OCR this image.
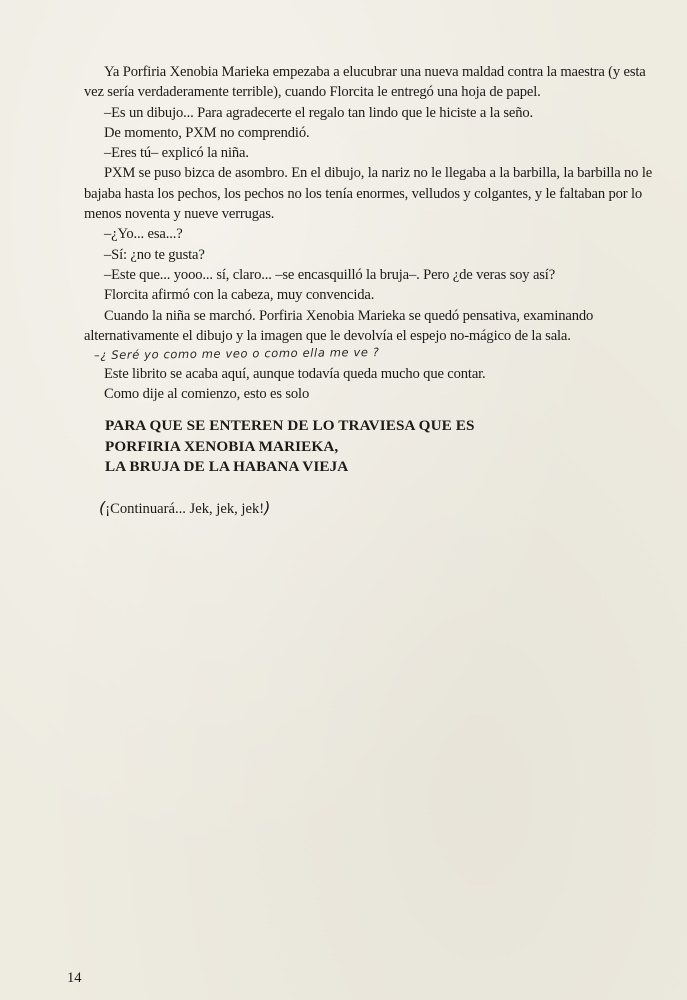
Ya Porfiria Xenobia Marieka empezaba a elucubrar una nueva maldad contra la maestra (y esta vez sería verdaderamente terrible), cuando Florcita le entregó una hoja de papel.

–Es un dibujo... Para agradecerte el regalo tan lindo que le hiciste a la seño.

De momento, PXM no comprendió.

–Eres tú– explicó la niña.

PXM se puso bizca de asombro. En el dibujo, la nariz no le llegaba a la barbilla, la barbilla no le bajaba hasta los pechos, los pechos no los tenía enormes, velludos y colgantes, y le faltaban por lo menos noventa y nueve verrugas.

–¿Yo... esa...?

–Sí: ¿no te gusta?

–Este que... yooo... sí, claro... –se encasquilló la bruja–. Pero ¿de veras soy así?

Florcita afirmó con la cabeza, muy convencida.

Cuando la niña se marchó. Porfiria Xenobia Marieka se quedó pensativa, examinando alternativamente el dibujo y la imagen que le devolvía el espejo no-mágico de la sala.

–¿ Seré yo como me veo o como ella me ve ?

Este librito se acaba aquí, aunque todavía queda mucho que contar.

Como dije al comienzo, esto es solo

PARA QUE SE ENTEREN DE LO TRAVIESA QUE ES
PORFIRIA XENOBIA MARIEKA,
LA BRUJA DE LA HABANA VIEJA
(¡Continuará... Jek, jek, jek!)
14
